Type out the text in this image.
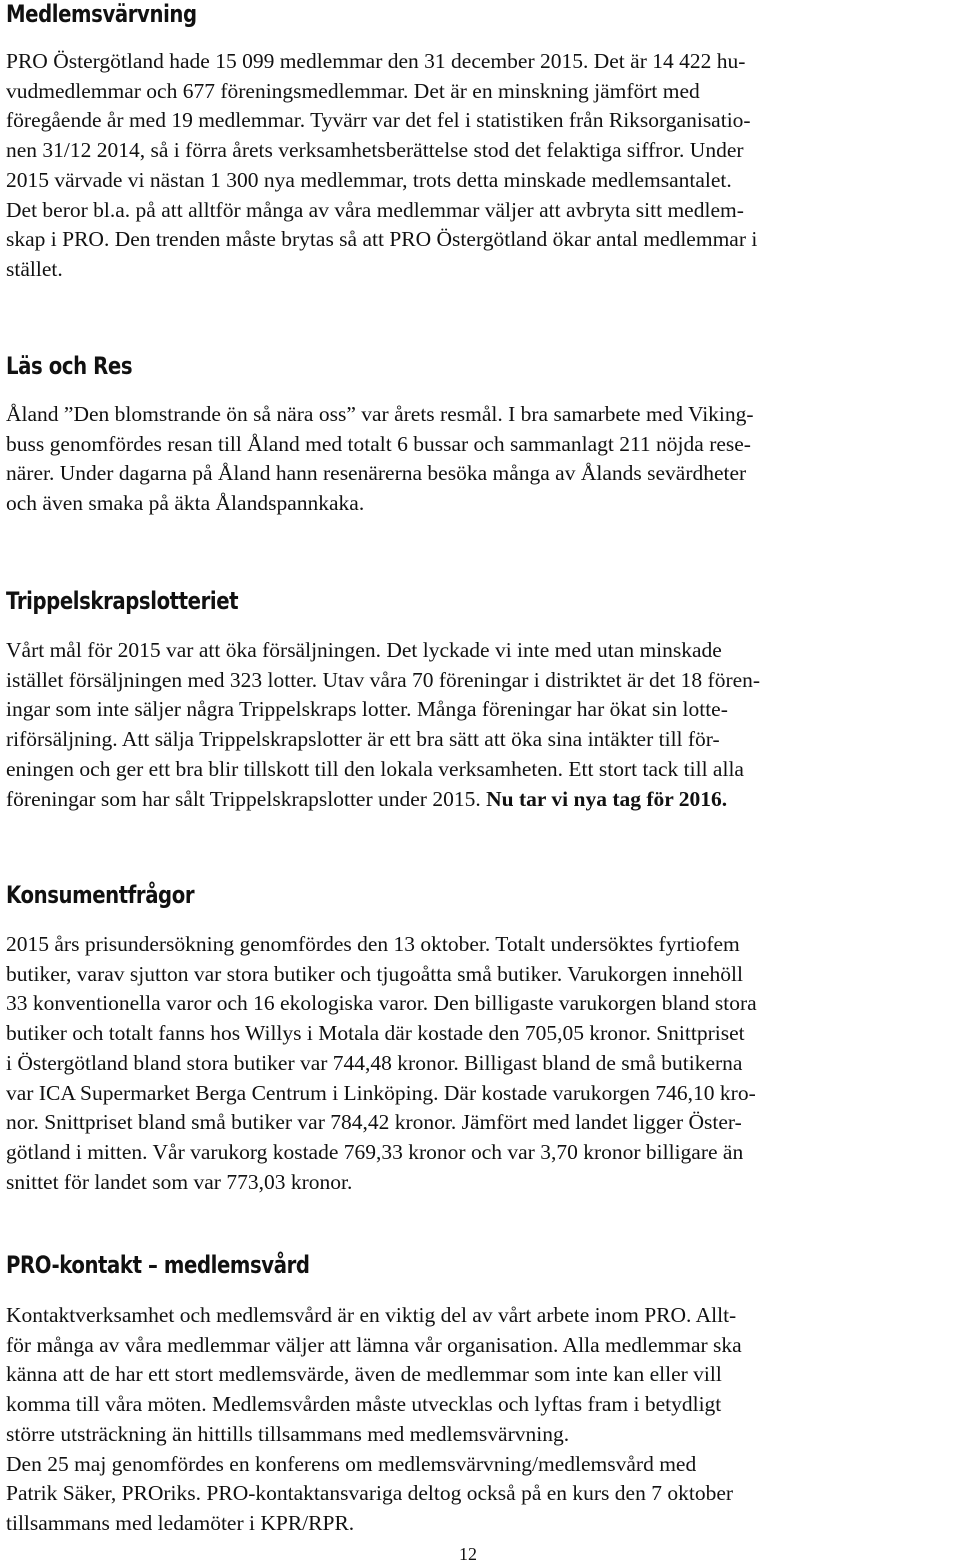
Medlemsvärvning
PRO Östergötland hade 15 099 medlemmar den 31 december 2015. Det är 14 422 hu-
vudmedlemmar och 677 föreningsmedlemmar. Det är en minskning jämfört med
föregående år med 19 medlemmar. Tyvärr var det fel i statistiken från Riksorganisatio-
nen 31/12 2014, så i förra årets verksamhetsberättelse stod det felaktiga siffror. Under
2015 värvade vi nästan 1 300 nya medlemmar, trots detta minskade medlemsantalet.
Det beror bl.a. på att alltför många av våra medlemmar väljer att avbryta sitt medlem-
skap i PRO. Den trenden måste brytas så att PRO Östergötland ökar antal medlemmar i
stället.
Läs och Res
Åland ”Den blomstrande ön så nära oss” var årets resmål. I bra samarbete med Viking-
buss genomfördes resan till Åland med totalt 6 bussar och sammanlagt 211 nöjda rese-
närer. Under dagarna på Åland hann resenärerna besöka många av Ålands sevärdheter
och även smaka på äkta Ålandspannkaka.
Trippelskrapslotteriet
Vårt mål för 2015 var att öka försäljningen. Det lyckade vi inte med utan minskade
istället försäljningen med 323 lotter. Utav våra 70 föreningar i distriktet är det 18 fören-
ingar som inte säljer några Trippelskraps lotter. Många föreningar har ökat sin lotte-
riförsäljning. Att sälja Trippelskrapslotter är ett bra sätt att öka sina intäkter till för-
eningen och ger ett bra blir tillskott till den lokala verksamheten. Ett stort tack till alla
föreningar som har sålt Trippelskrapslotter under 2015. Nu tar vi nya tag för 2016.
Konsumentfrågor
2015 års prisundersökning genomfördes den 13 oktober. Totalt undersöktes fyrtiofem
butiker, varav sjutton var stora butiker och tjugoåtta små butiker. Varukorgen innehöll
33 konventionella varor och 16 ekologiska varor. Den billigaste varukorgen bland stora
butiker och totalt fanns hos Willys i Motala där kostade den 705,05 kronor. Snittpriset
i Östergötland bland stora butiker var 744,48 kronor. Billigast bland de små butikerna
var ICA Supermarket Berga Centrum i Linköping. Där kostade varukorgen 746,10 kro-
nor. Snittpriset bland små butiker var 784,42 kronor. Jämfört med landet ligger Öster-
götland i mitten. Vår varukorg kostade 769,33 kronor och var 3,70 kronor billigare än
snittet för landet som var 773,03 kronor.
PRO-kontakt – medlemsvård
Kontaktverksamhet och medlemsvård är en viktig del av vårt arbete inom PRO. Allt-
för många av våra medlemmar väljer att lämna vår organisation. Alla medlemmar ska
känna att de har ett stort medlemsvärde, även de medlemmar som inte kan eller vill
komma till våra möten. Medlemsvården måste utvecklas och lyftas fram i betydligt
större utsträckning än hittills tillsammans med medlemsvärvning.
Den 25 maj genomfördes en konferens om medlemsvärvning/medlemsvård med
Patrik Säker, PROriks. PRO-kontaktansvariga deltog också på en kurs den 7 oktober
tillsammans med ledamöter i KPR/RPR.
12
